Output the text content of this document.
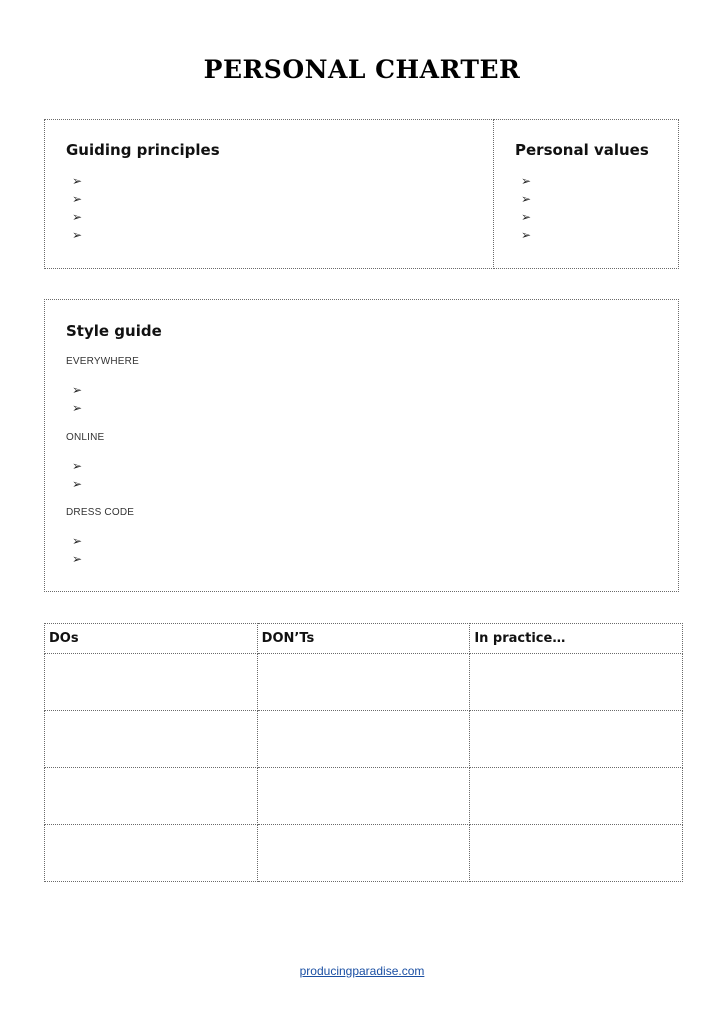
PERSONAL CHARTER
Guiding principles
➢
➢
➢
➢
Personal values
➢
➢
➢
➢
Style guide
EVERYWHERE
➢
➢
ONLINE
➢
➢
DRESS CODE
➢
➢
DOs	DON’Ts	In practice…

producingparadise.com
